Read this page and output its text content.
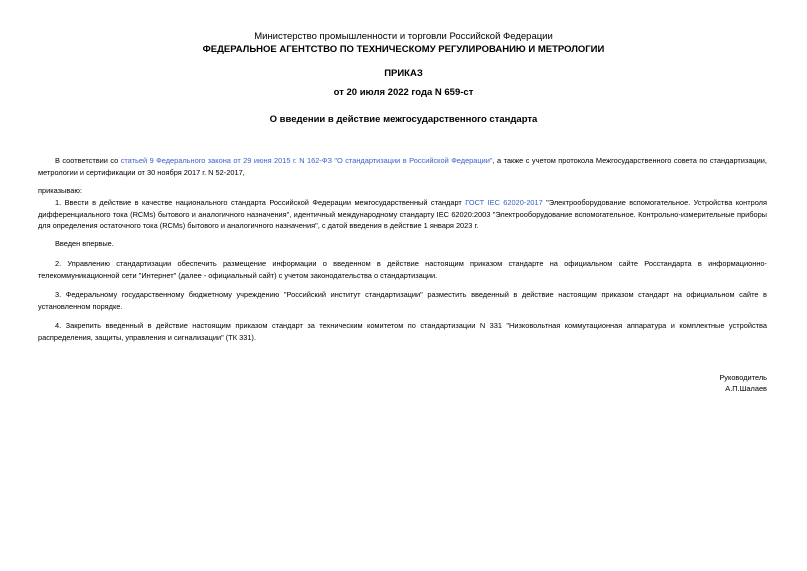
Министерство промышленности и торговли Российской Федерации
ФЕДЕРАЛЬНОЕ АГЕНТСТВО ПО ТЕХНИЧЕСКОМУ РЕГУЛИРОВАНИЮ И МЕТРОЛОГИИ
ПРИКАЗ
от 20 июля 2022 года N 659-ст
О введении в действие межгосударственного стандарта
В соответствии со статьей 9 Федерального закона от 29 июня 2015 г. N 162-ФЗ "О стандартизации в Российской Федерации", а также с учетом протокола Межгосударственного совета по стандартизации, метрологии и сертификации от 30 ноября 2017 г. N 52-2017,
приказываю:
1. Ввести в действие в качестве национального стандарта Российской Федерации межгосударственный стандарт ГОСТ IEC 62020-2017 "Электрооборудование вспомогательное. Устройства контроля дифференциального тока (RCMs) бытового и аналогичного назначения", идентичный международному стандарту IEC 62020:2003 "Электрооборудование вспомогательное. Контрольно-измерительные приборы для определения остаточного тока (RCMs) бытового и аналогичного назначения", с датой введения в действие 1 января 2023 г.
Введен впервые.
2. Управлению стандартизации обеспечить размещение информации о введенном в действие настоящим приказом стандарте на официальном сайте Росстандарта в информационно-телекоммуникационной сети "Интернет" (далее - официальный сайт) с учетом законодательства о стандартизации.
3. Федеральному государственному бюджетному учреждению "Российский институт стандартизации" разместить введенный в действие настоящим приказом стандарт на официальном сайте в установленном порядке.
4. Закрепить введенный в действие настоящим приказом стандарт за техническим комитетом по стандартизации N 331 "Низковольтная коммутационная аппаратура и комплектные устройства распределения, защиты, управления и сигнализации" (ТК 331).
Руководитель
А.П.Шалаев
